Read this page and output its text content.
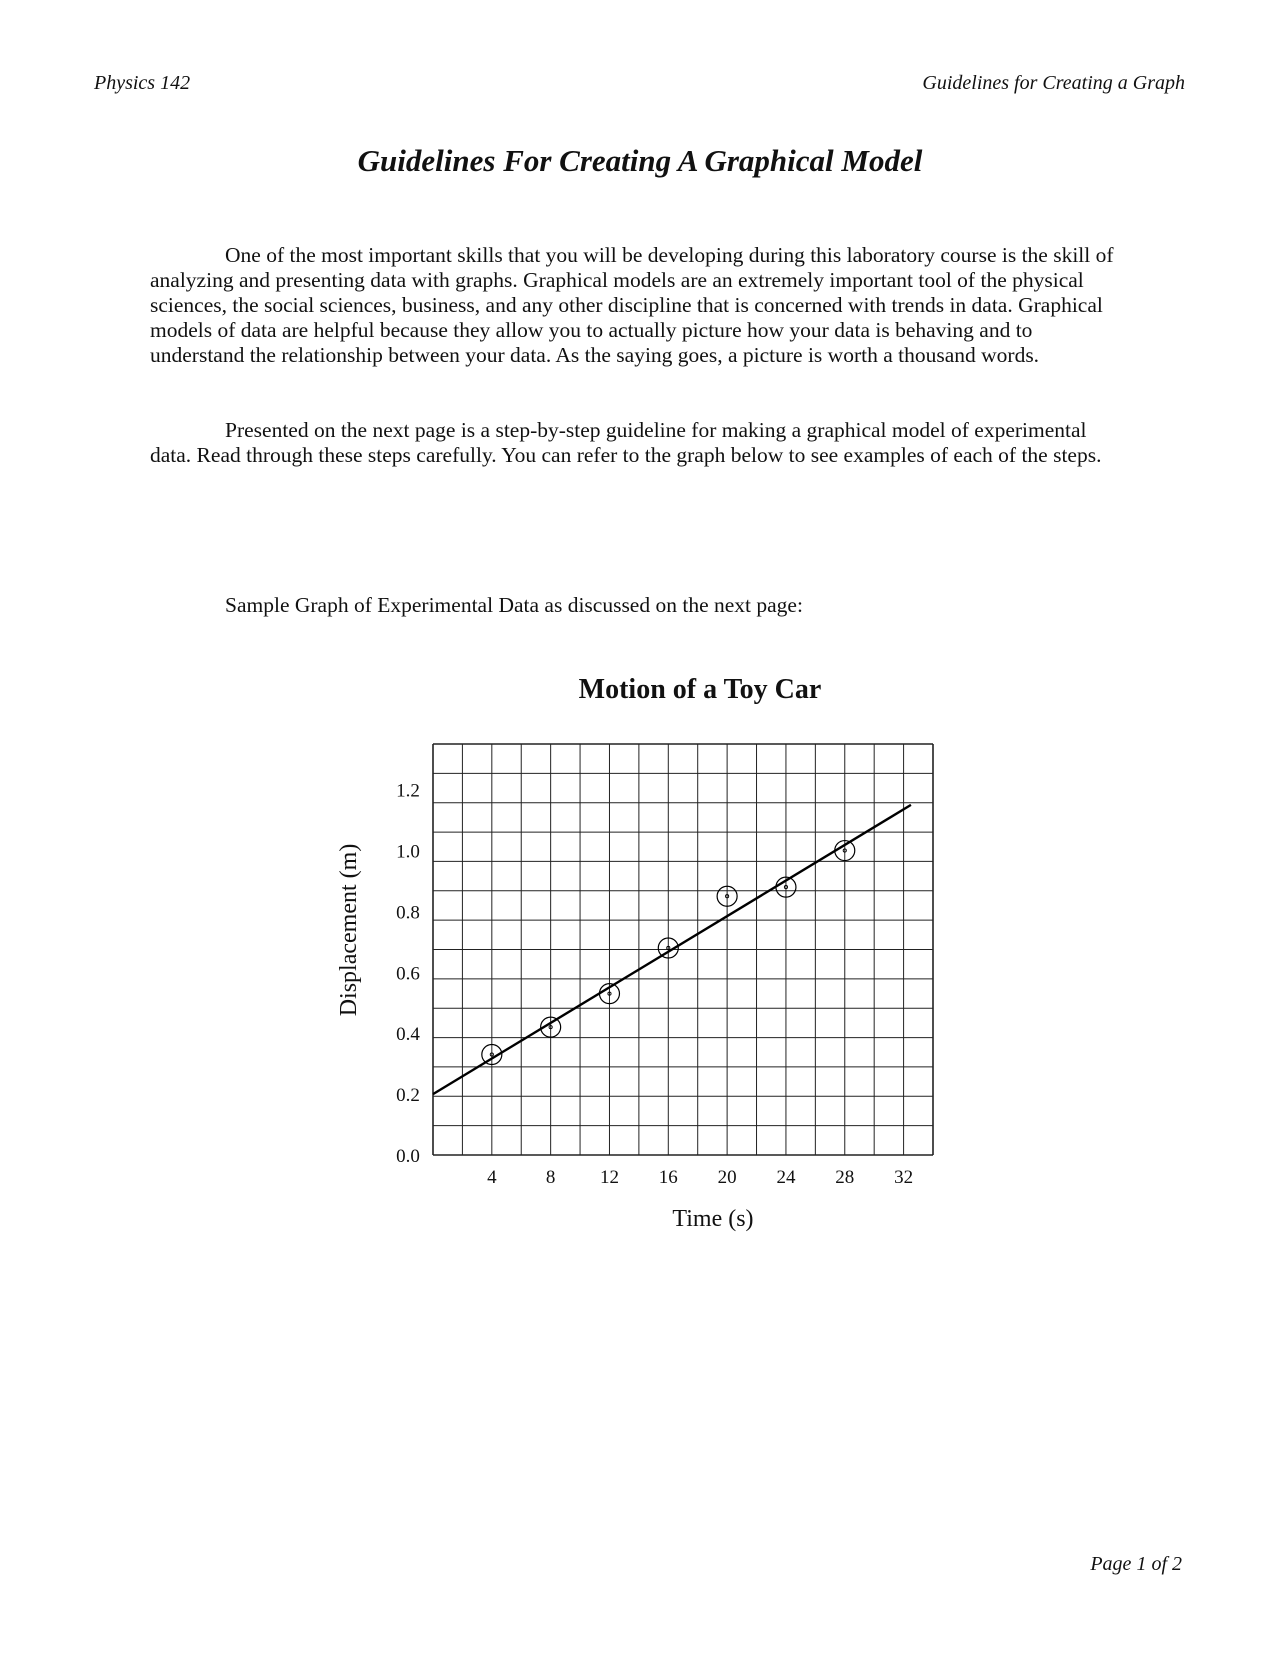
Physics 142	Guidelines for Creating a Graph
Guidelines For Creating A Graphical Model

One of the most important skills that you will be developing during this laboratory course is the skill of analyzing and presenting data with graphs. Graphical models are an extremely important tool of the physical sciences, the social sciences, business, and any other discipline that is concerned with trends in data. Graphical models of data are helpful because they allow you to actually picture how your data is behaving and to understand the relationship between your data. As the saying goes, a picture is worth a thousand words.

Presented on the next page is a step-by-step guideline for making a graphical model of experimental data. Read through these steps carefully. You can refer to the graph below to see examples of each of the steps.

Sample Graph of Experimental Data as discussed on the next page:
Motion of a Toy Car
0.0
0.2
0.4
0.6
0.8
1.0
1.2
4	8 12 16 20 24 28 32
Time (s)
Displacement (m)
Page 1 of 2
